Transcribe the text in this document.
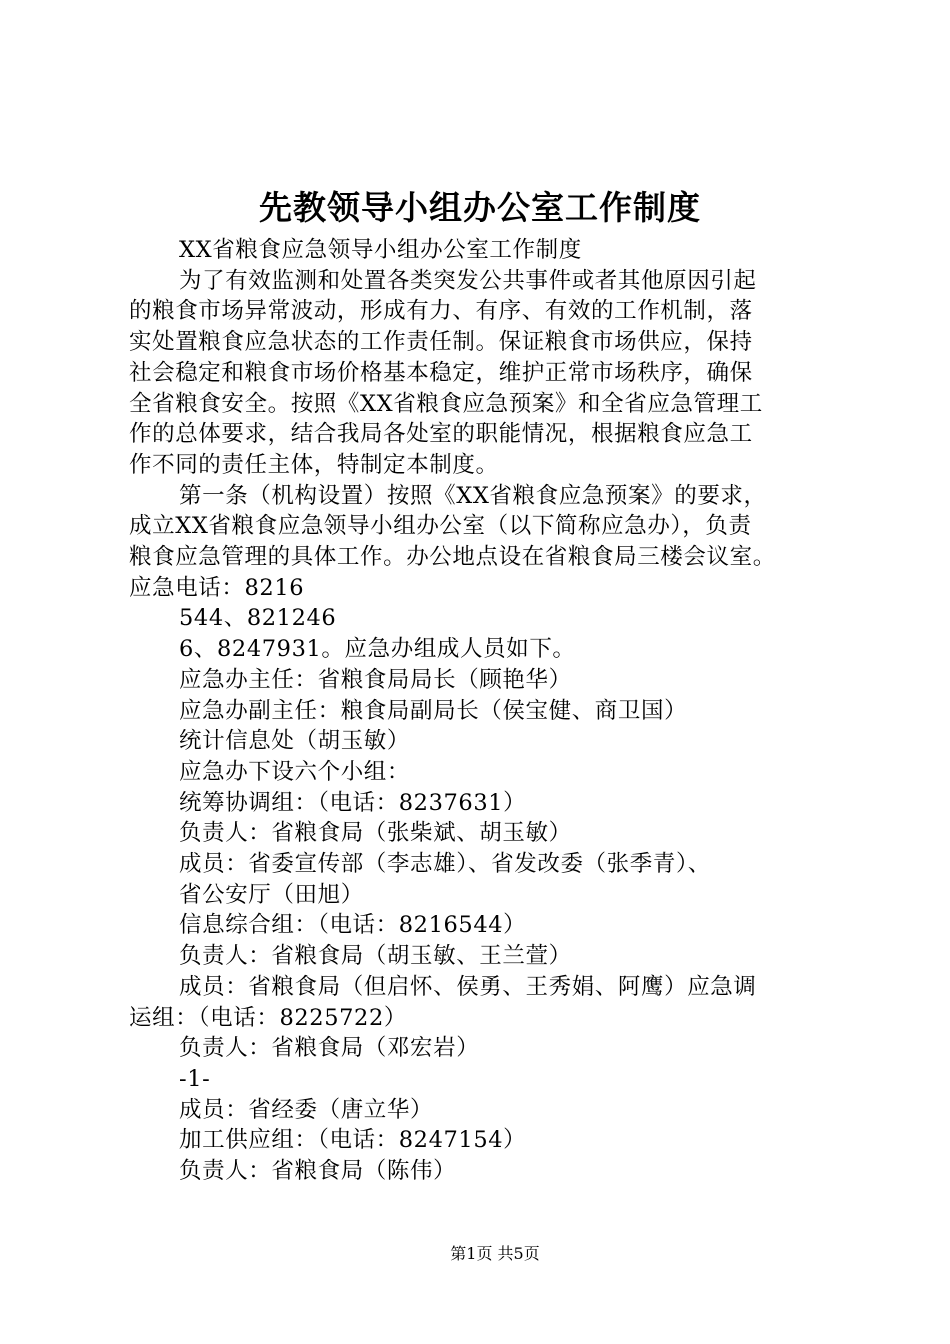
先教领导小组办公室工作制度
XX省粮食应急领导小组办公室工作制度
为了有效监测和处置各类突发公共事件或者其他原因引起
的粮食市场异常波动，形成有力、有序、有效的工作机制，落
实处置粮食应急状态的工作责任制。保证粮食市场供应，保持
社会稳定和粮食市场价格基本稳定，维护正常市场秩序，确保
全省粮食安全。按照《XX省粮食应急预案》和全省应急管理工
作的总体要求，结合我局各处室的职能情况，根据粮食应急工
作不同的责任主体，特制定本制度。
第一条（机构设置）按照《XX省粮食应急预案》的要求，
成立XX省粮食应急领导小组办公室（以下简称应急办），负责
粮食应急管理的具体工作。办公地点设在省粮食局三楼会议室。
应急电话：8216
544、821246
6、8247931。应急办组成人员如下。
应急办主任：省粮食局局长（顾艳华）
应急办副主任：粮食局副局长（侯宝健、商卫国）
统计信息处（胡玉敏）
应急办下设六个小组：
统筹协调组：（电话：8237631）
负责人：省粮食局（张柴斌、胡玉敏）
成员：省委宣传部（李志雄）、省发改委（张季青）、
省公安厅（田旭）
信息综合组：（电话：8216544）
负责人：省粮食局（胡玉敏、王兰萱）
成员：省粮食局（但启怀、侯勇、王秀娟、阿鹰）应急调
运组：（电话：8225722）
负责人：省粮食局（邓宏岩）
-1-
成员：省经委（唐立华）
加工供应组：（电话：8247154）
负责人：省粮食局（陈伟）
第1页 共5页
